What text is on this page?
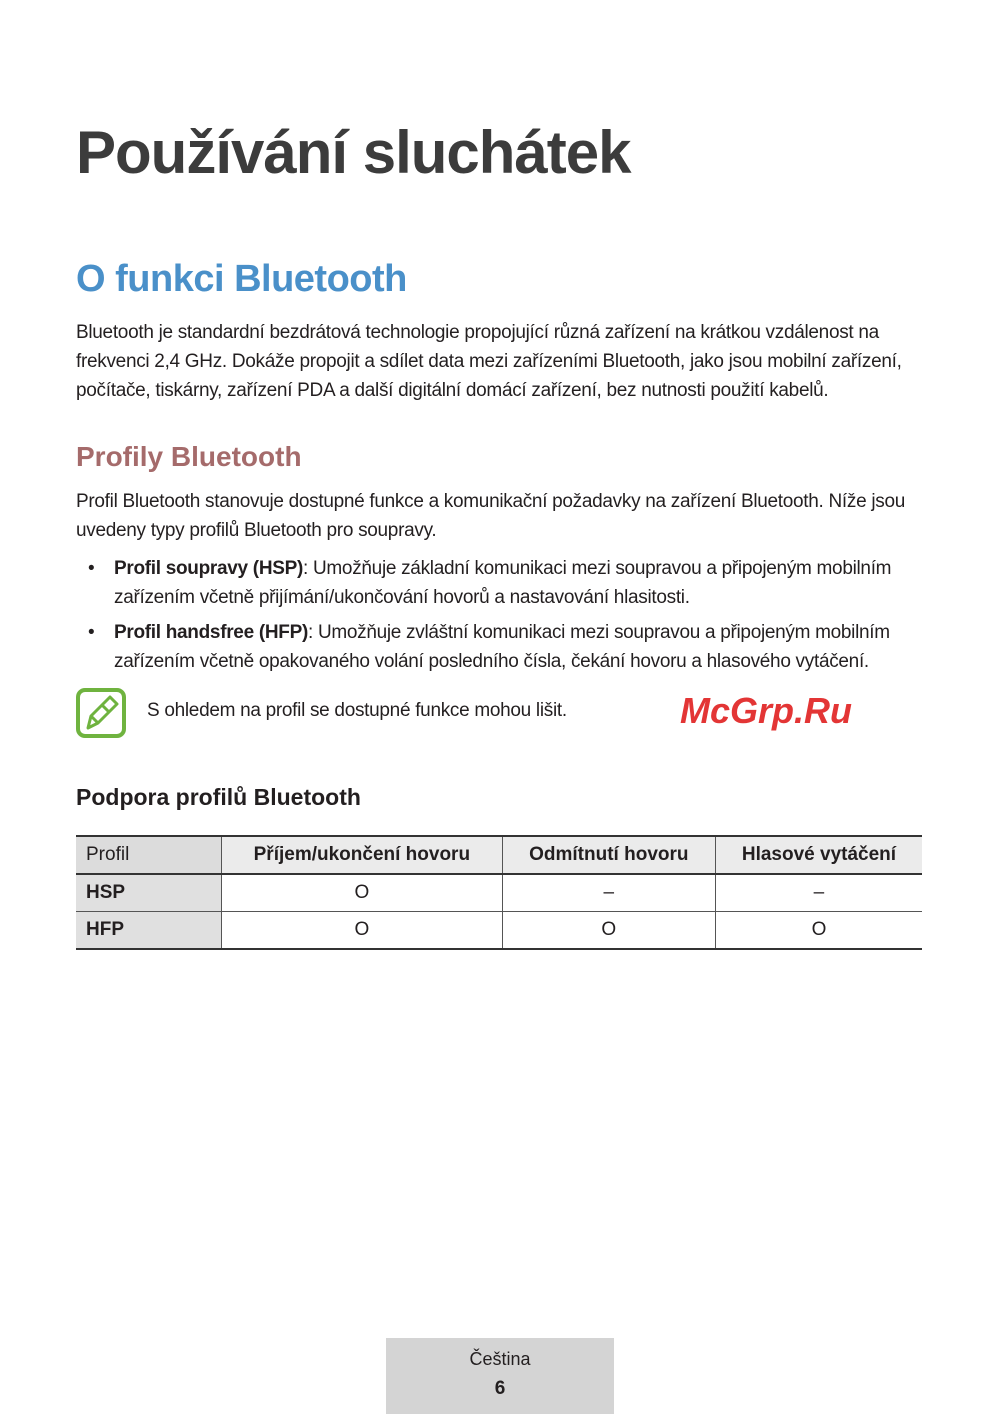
Používání sluchátek
O funkci Bluetooth

Bluetooth je standardní bezdrátová technologie propojující různá zařízení na krátkou vzdálenost na frekvenci 2,4 GHz. Dokáže propojit a sdílet data mezi zařízeními Bluetooth, jako jsou mobilní zařízení, počítače, tiskárny, zařízení PDA a další digitální domácí zařízení, bez nutnosti použití kabelů.

Profily Bluetooth

Profil Bluetooth stanovuje dostupné funkce a komunikační požadavky na zařízení Bluetooth. Níže jsou uvedeny typy profilů Bluetooth pro soupravy.

• Profil soupravy (HSP): Umožňuje základní komunikaci mezi soupravou a připojeným mobilním zařízením včetně přijímání/ukončování hovorů a nastavování hlasitosti.
• Profil handsfree (HFP): Umožňuje zvláštní komunikaci mezi soupravou a připojeným mobilním zařízením včetně opakovaného volání posledního čísla, čekání hovoru a hlasového vytáčení.
S ohledem na profil se dostupné funkce mohou lišit.	McGrp.Ru
Podpora profilů Bluetooth
Profil	Příjem/ukončení hovoru	Odmítnutí hovoru	Hlasové vytáčení
HSP	O	–	–
HFP	O	O	O
Čeština
6
